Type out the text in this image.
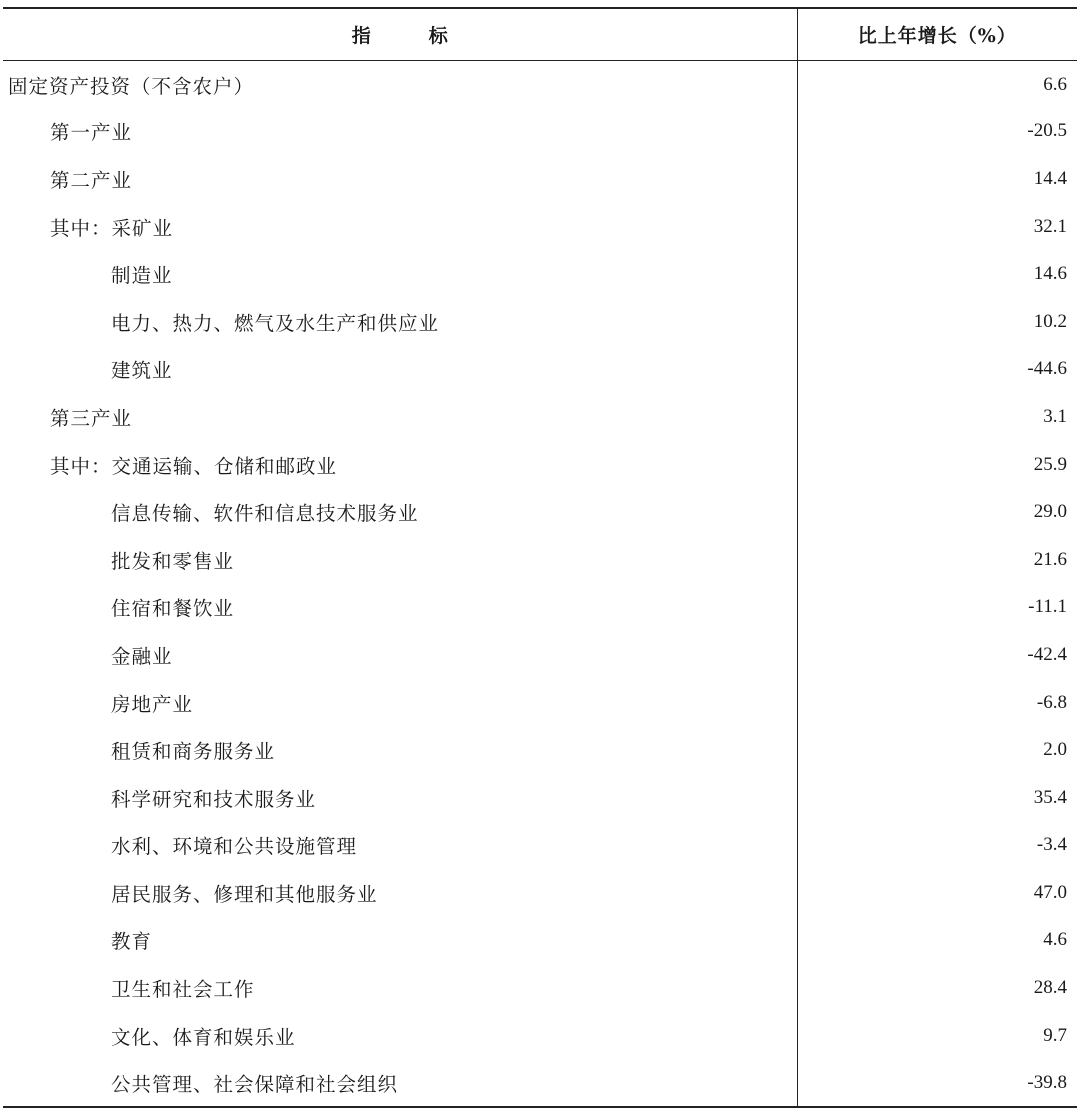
指标	比上年增长（%）
固定资产投资（不含农户）	6.6
第一产业	-20.5
第二产业	14.4
其中：采矿业	32.1
制造业	14.6
电力、热力、燃气及水生产和供应业	10.2
建筑业	-44.6
第三产业	3.1
其中：交通运输、仓储和邮政业	25.9
信息传输、软件和信息技术服务业	29.0
批发和零售业	21.6
住宿和餐饮业	-11.1
金融业	-42.4
房地产业	-6.8
租赁和商务服务业	2.0
科学研究和技术服务业	35.4
水利、环境和公共设施管理	-3.4
居民服务、修理和其他服务业	47.0
教育	4.6
卫生和社会工作	28.4
文化、体育和娱乐业	9.7
公共管理、社会保障和社会组织	-39.8
